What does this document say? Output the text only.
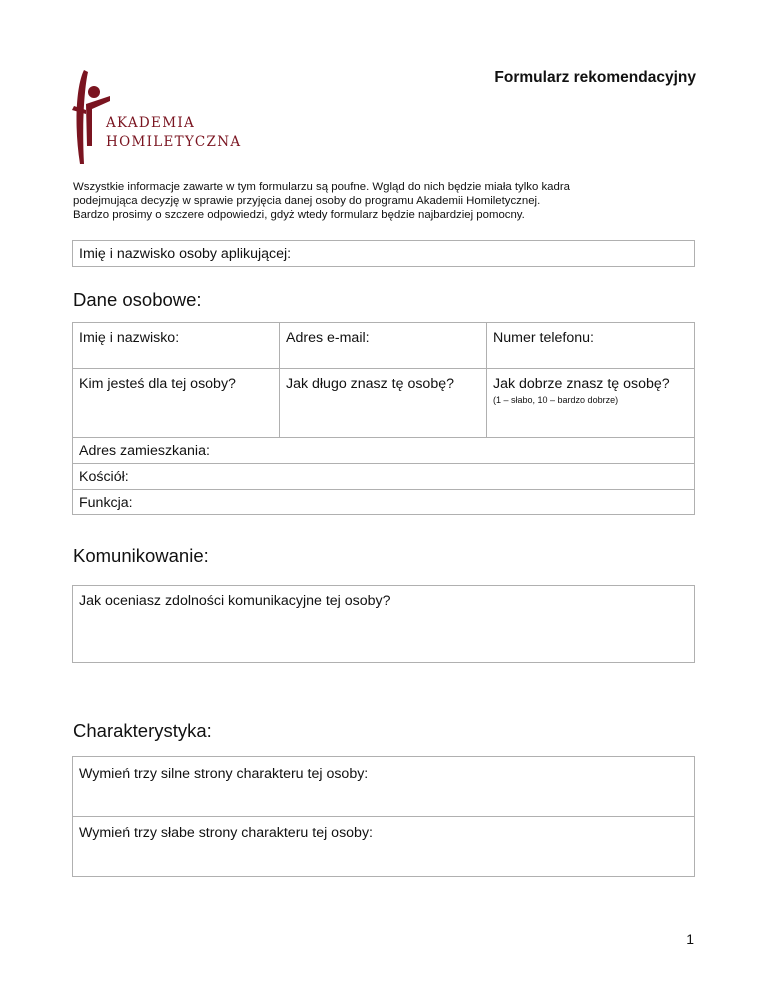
AKADEMIA
HOMILETYCZNA
Formularz rekomendacyjny
Wszystkie informacje zawarte w tym formularzu są poufne. Wgląd do nich będzie miała tylko kadra
podejmująca decyzję w sprawie przyjęcia danej osoby do programu Akademii Homiletycznej.
Bardzo prosimy o szczere odpowiedzi, gdyż wtedy formularz będzie najbardziej pomocny.
Imię i nazwisko osoby aplikującej:
Dane osobowe:
Imię i nazwisko:	Adres e-mail:	Numer telefonu:
Kim jesteś dla tej osoby?	Jak długo znasz tę osobę?	Jak dobrze znasz tę osobę?
(1 – słabo, 10 – bardzo dobrze)
Adres zamieszkania:
Kościół:
Funkcja:
Komunikowanie:
Jak oceniasz zdolności komunikacyjne tej osoby?
Charakterystyka:
Wymień trzy silne strony charakteru tej osoby:
Wymień trzy słabe strony charakteru tej osoby:
1
